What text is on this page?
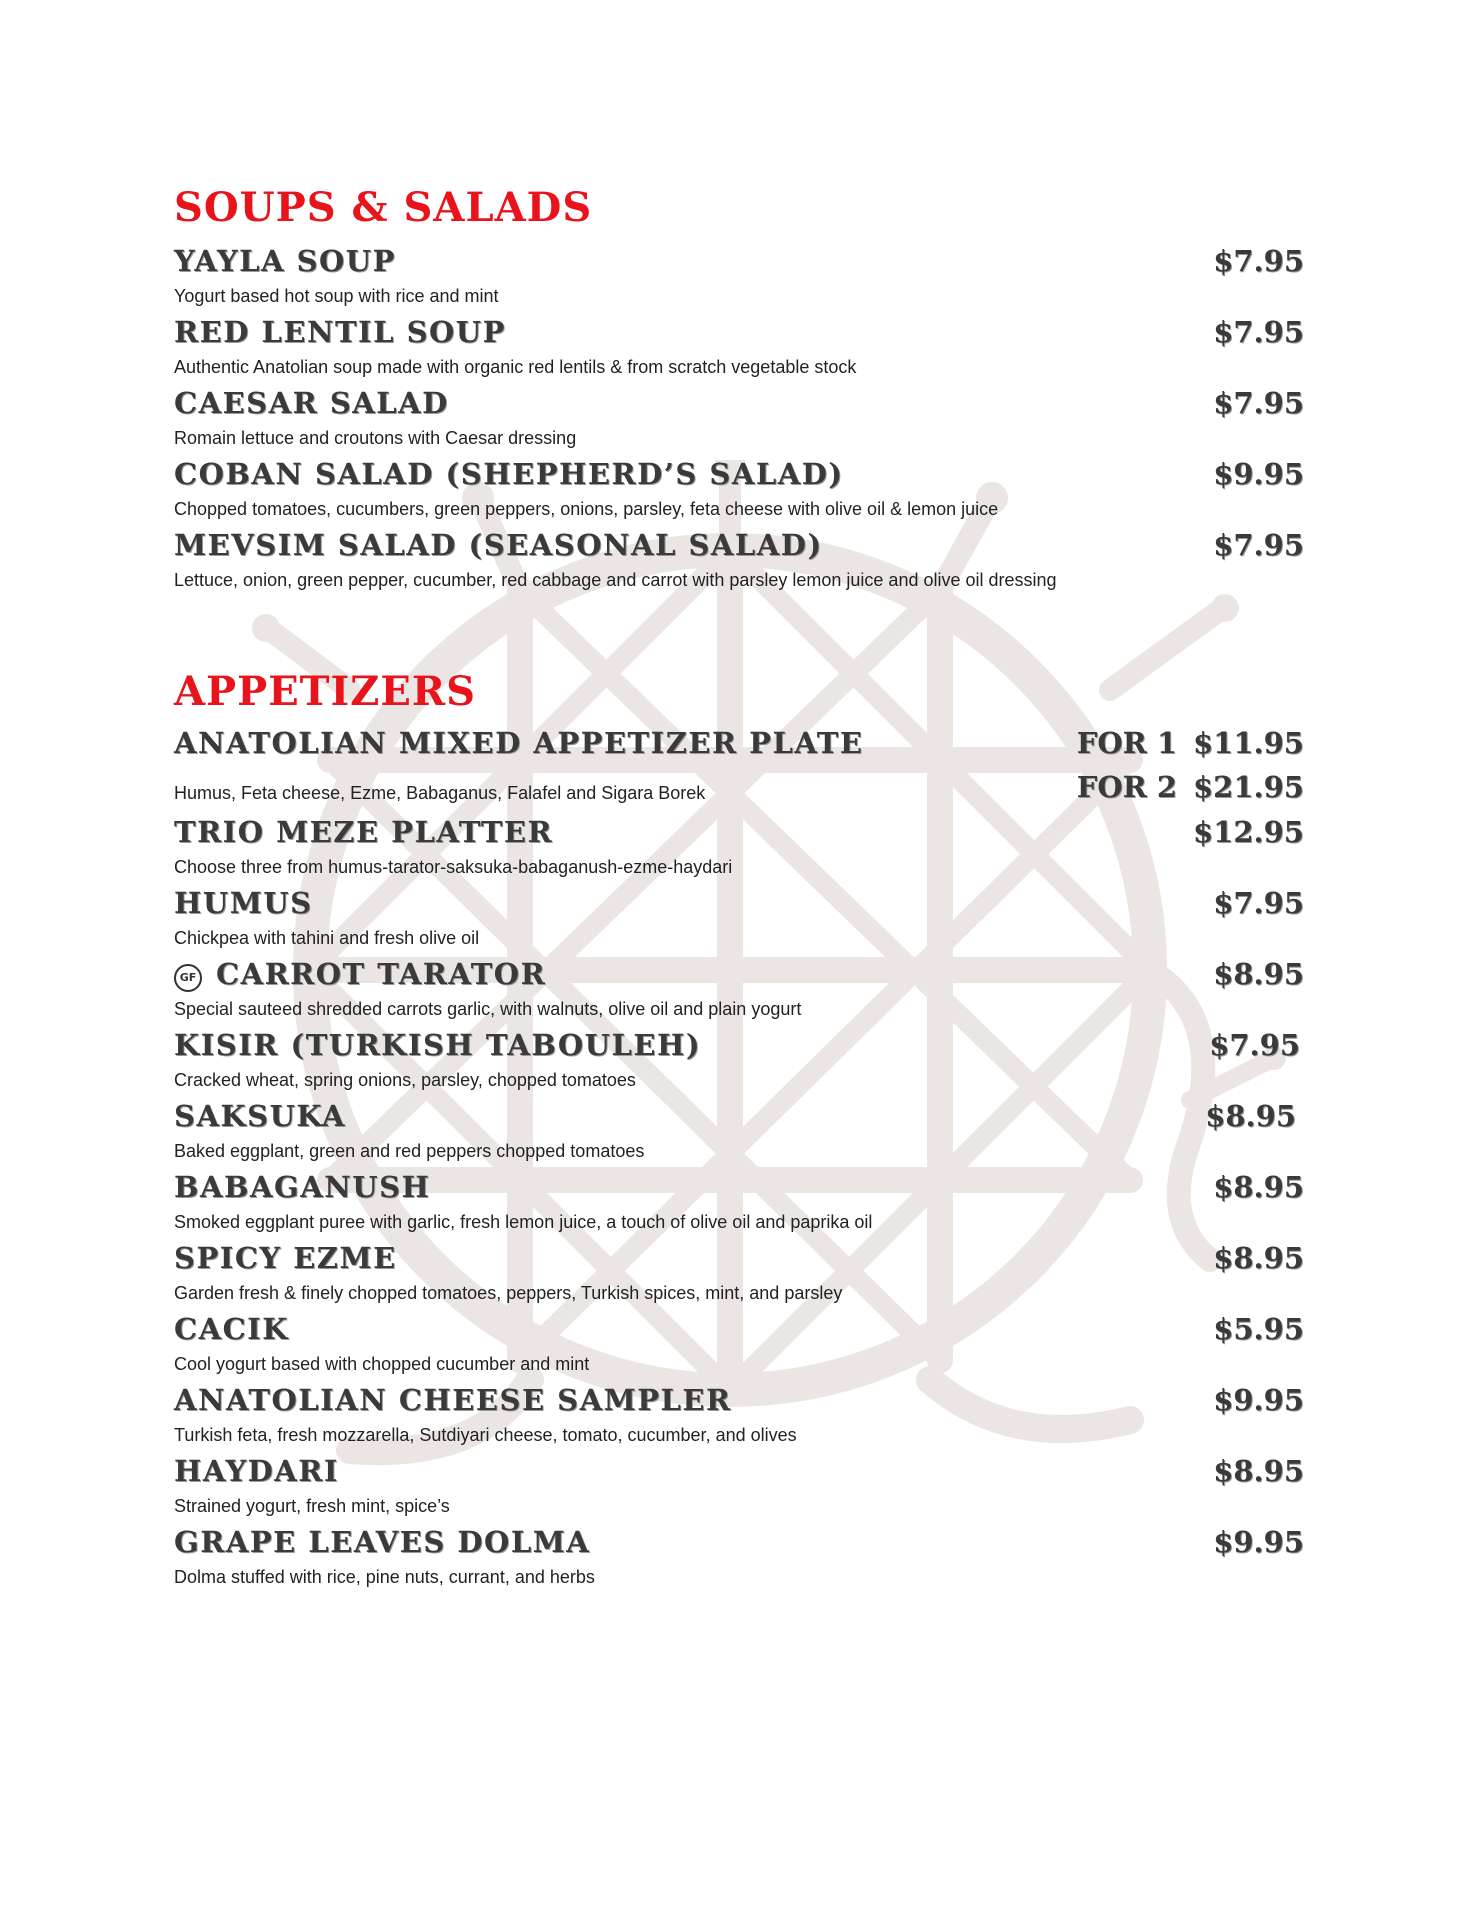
SOUPS & SALADS
YAYLA SOUP	$7.95
Yogurt based hot soup with rice and mint
RED LENTIL SOUP	$7.95
Authentic Anatolian soup made with organic red lentils & from scratch vegetable stock
CAESAR SALAD	$7.95
Romain lettuce and croutons with Caesar dressing
COBAN SALAD (SHEPHERD’S SALAD)	$9.95
Chopped tomatoes, cucumbers, green peppers, onions, parsley, feta cheese with olive oil & lemon juice
MEVSIM SALAD (SEASONAL SALAD)	$7.95
Lettuce, onion, green pepper, cucumber, red cabbage and carrot with parsley lemon juice and olive oil dressing
APPETIZERS
ANATOLIAN MIXED APPETIZER PLATE
Humus, Feta cheese, Ezme, Babaganus, Falafel and Sigara Borek
FOR 1 $11.95
FOR 2 $21.95
TRIO MEZE PLATTER	$12.95
Choose three from humus-tarator-saksuka-babaganush-ezme-haydari
HUMUS	$7.95
Chickpea with tahini and fresh olive oil
GF CARROT TARATOR	$8.95
Special sauteed shredded carrots garlic, with walnuts, olive oil and plain yogurt
KISIR (TURKISH TABOULEH)	$7.95
Cracked wheat, spring onions, parsley, chopped tomatoes
SAKSUKA	$8.95
Baked eggplant, green and red peppers chopped tomatoes
BABAGANUSH	$8.95
Smoked eggplant puree with garlic, fresh lemon juice, a touch of olive oil and paprika oil
SPICY EZME	$8.95
Garden fresh & finely chopped tomatoes, peppers, Turkish spices, mint, and parsley
CACIK	$5.95
Cool yogurt based with chopped cucumber and mint
ANATOLIAN CHEESE SAMPLER	$9.95
Turkish feta, fresh mozzarella, Sutdiyari cheese, tomato, cucumber, and olives
HAYDARI	$8.95
Strained yogurt, fresh mint, spice’s
GRAPE LEAVES DOLMA	$9.95
Dolma stuffed with rice, pine nuts, currant, and herbs
